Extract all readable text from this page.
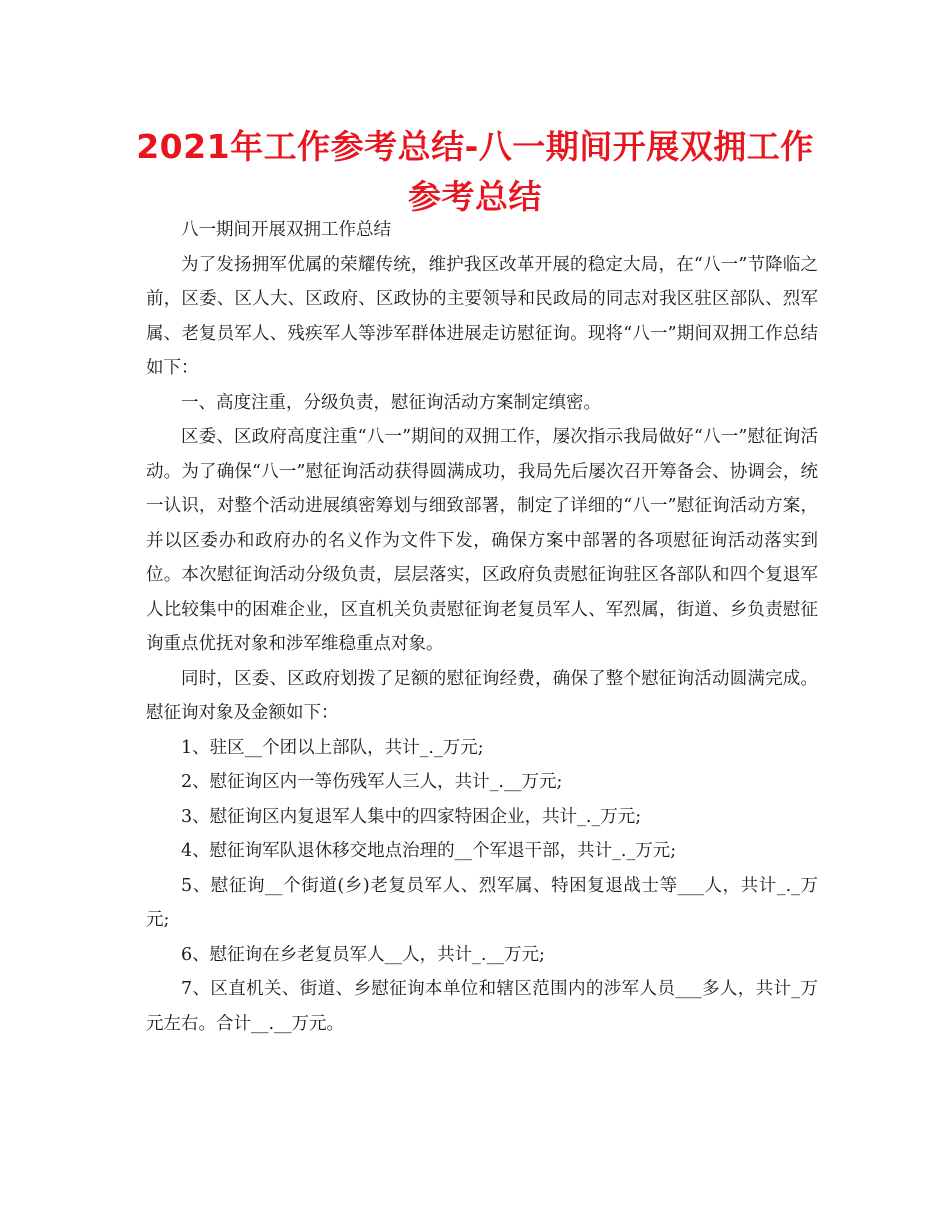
2021年工作参考总结-八一期间开展双拥工作参考总结

八一期间开展双拥工作总结

为了发扬拥军优属的荣耀传统，维护我区改革开展的稳定大局，在“八一”节降临之前，区委、区人大、区政府、区政协的主要领导和民政局的同志对我区驻区部队、烈军属、老复员军人、残疾军人等涉军群体进展走访慰征询。现将“八一”期间双拥工作总结如下：

一、高度注重，分级负责，慰征询活动方案制定缜密。

区委、区政府高度注重“八一”期间的双拥工作，屡次指示我局做好“八一”慰征询活动。为了确保“八一”慰征询活动获得圆满成功，我局先后屡次召开筹备会、协调会，统一认识，对整个活动进展缜密筹划与细致部署，制定了详细的“八一”慰征询活动方案，并以区委办和政府办的名义作为文件下发，确保方案中部署的各项慰征询活动落实到位。本次慰征询活动分级负责，层层落实，区政府负责慰征询驻区各部队和四个复退军人比较集中的困难企业，区直机关负责慰征询老复员军人、军烈属，街道、乡负责慰征询重点优抚对象和涉军维稳重点对象。

同时，区委、区政府划拨了足额的慰征询经费，确保了整个慰征询活动圆满完成。慰征询对象及金额如下：

1、驻区__个团以上部队，共计_._万元;

2、慰征询区内一等伤残军人三人，共计_.__万元;

3、慰征询区内复退军人集中的四家特困企业，共计_._万元;

4、慰征询军队退休移交地点治理的__个军退干部，共计_._万元;

5、慰征询__个街道(乡)老复员军人、烈军属、特困复退战士等___人，共计_._万元;

6、慰征询在乡老复员军人__人，共计_.__万元;

7、区直机关、街道、乡慰征询本单位和辖区范围内的涉军人员___多人，共计_万元左右。合计__.__万元。
